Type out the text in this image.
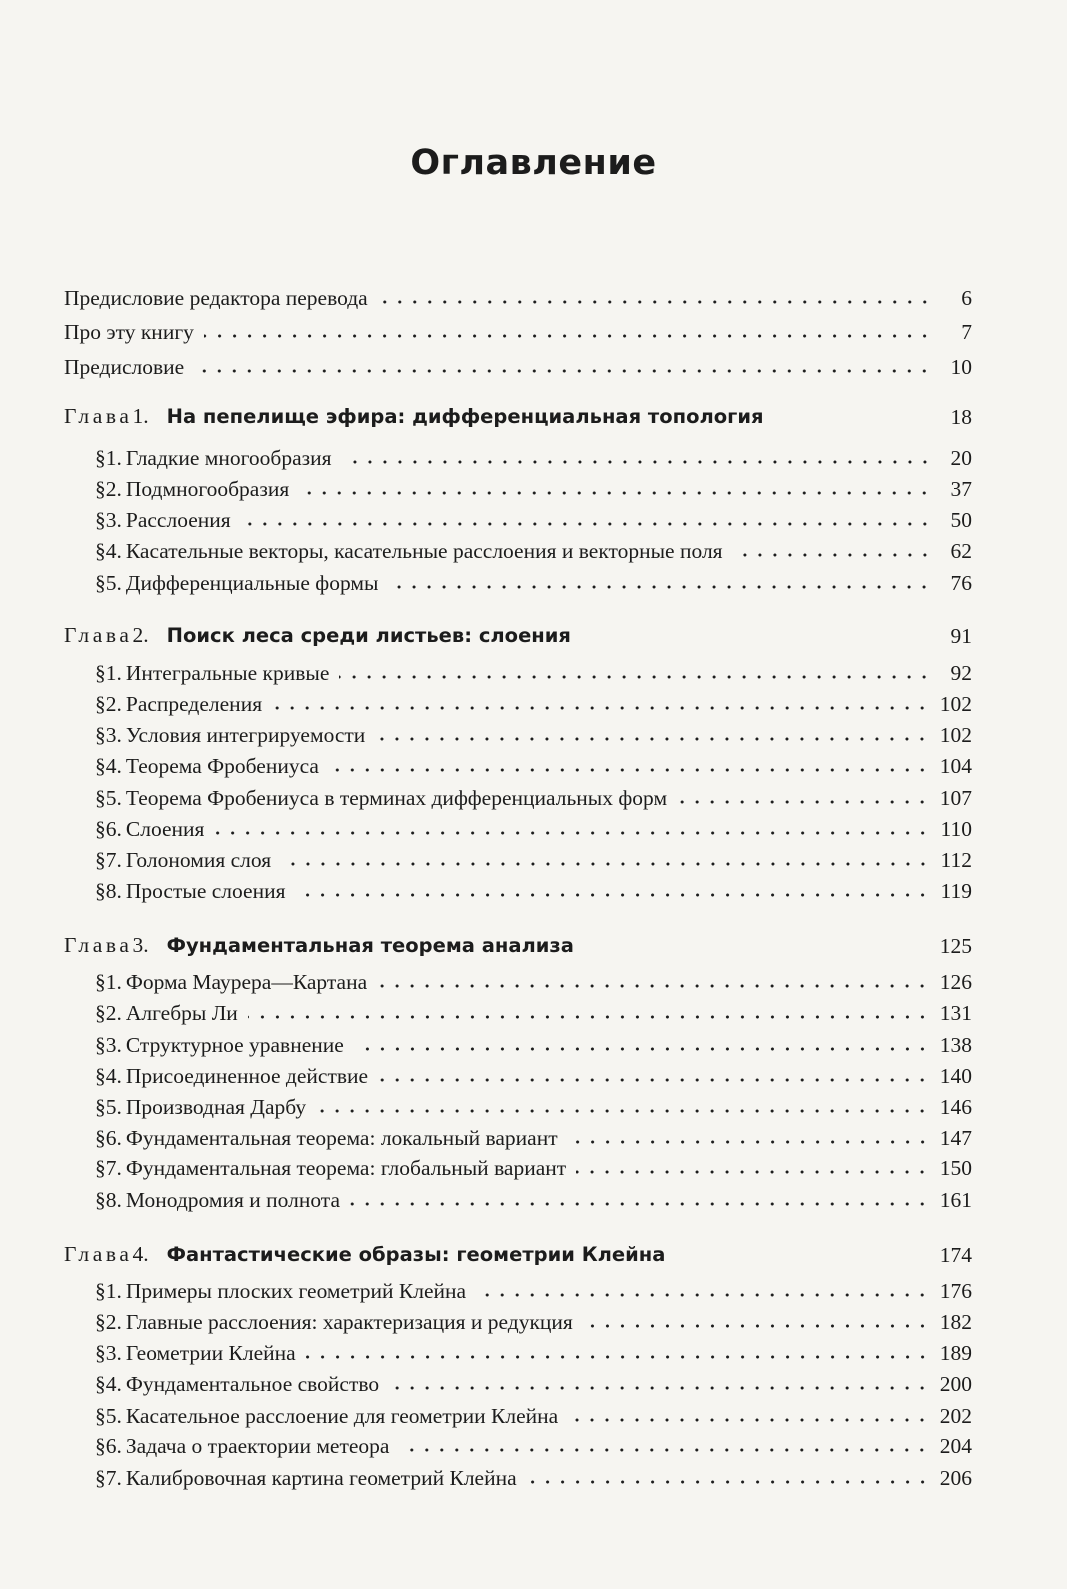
Оглавление
Предисловие редактора перевода	6
Про эту книгу	7
Предисловие	10
Глава1. На пепелище эфира: дифференциальная топология	18
§1. Гладкие многообразия	20
§2. Подмногообразия	37
§3. Расслоения	50
§4. Касательные векторы, касательные расслоения и векторные поля	62
§5. Дифференциальные формы	76
Глава2. Поиск леса среди листьев: слоения	91
§1. Интегральные кривые	92
§2. Распределения	102
§3. Условия интегрируемости	102
§4. Теорема Фробениуса	104
§5. Теорема Фробениуса в терминах дифференциальных форм	107
§6. Слоения	110
§7. Голономия слоя	112
§8. Простые слоения	119
Глава3. Фундаментальная теорема анализа	125
§1. Форма Маурера—Картана	126
§2. Алгебры Ли	131
§3. Структурное уравнение	138
§4. Присоединенное действие	140
§5. Производная Дарбу	146
§6. Фундаментальная теорема: локальный вариант	147
§7. Фундаментальная теорема: глобальный вариант	150
§8. Монодромия и полнота	161
Глава4. Фантастические образы: геометрии Клейна	174
§1. Примеры плоских геометрий Клейна	176
§2. Главные расслоения: характеризация и редукция	182
§3. Геометрии Клейна	189
§4. Фундаментальное свойство	200
§5. Касательное расслоение для геометрии Клейна	202
§6. Задача о траектории метеора	204
§7. Калибровочная картина геометрий Клейна	206
